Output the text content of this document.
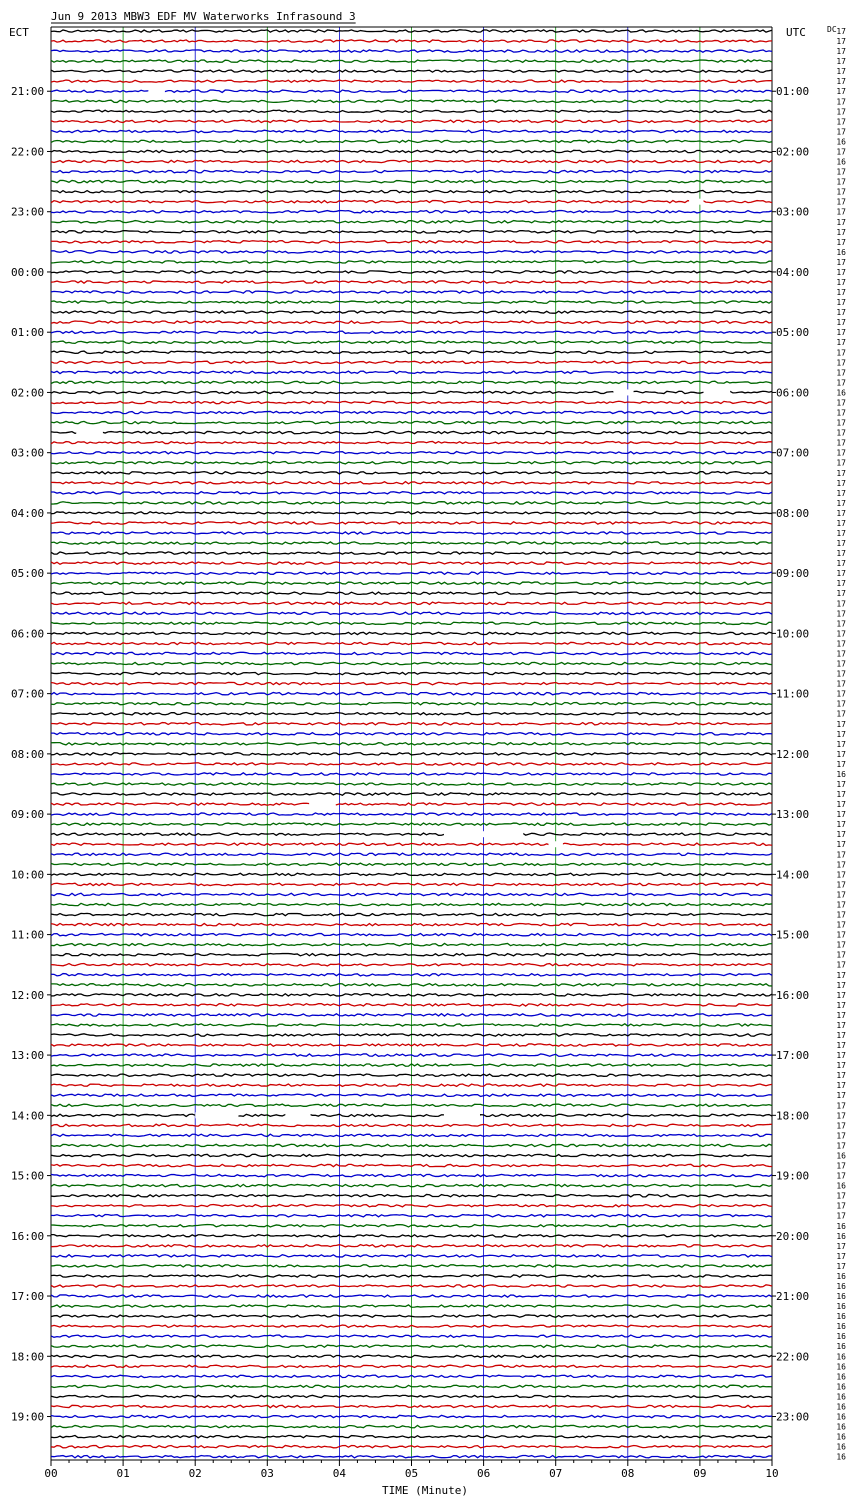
Jun 9 2013 MBW3 EDF MV Waterworks Infrasound 3
ECT	UTC	DC
21:00
22:00
23:00
00:00
01:00
02:00
03:00
04:00
05:00
06:00
07:00
08:00
09:00
10:00
11:00
12:00
13:00
14:00
15:00
16:00
17:00
18:00
19:00
01:00
02:00
03:00
04:00
05:00
06:00
07:00
08:00
09:00
10:00
11:00
12:00
13:00
14:00
15:00
16:00
17:00
18:00
19:00
20:00
21:00
22:00
23:00
17
17
17
17
17
17
17
17
17
17
17
16
17
16
17
17
17
17
17
17
17
17
16
17
17
17
17
17
17
17
17
17
17
17
17
17
16
17
17
17
17
17
17
17
17
17
17
17
17
17
17
17
17
17
17
17
17
17
17
17
17
17
17
17
17
17
17
17
17
17
17
17
17
17
16
17
17
17
17
17
17
17
17
17
17
17
17
17
17
17
17
17
17
17
17
17
17
17
17
17
17
17
17
17
17
17
17
17
17
17
17
17
16
17
17
16
17
17
17
16
16
17
17
17
16
16
16
16
16
16
16
16
16
16
16
16
16
16
16
16
16
16
16
00	01	02	03	04	05	06	07	08	09	10
TIME (Minute)
